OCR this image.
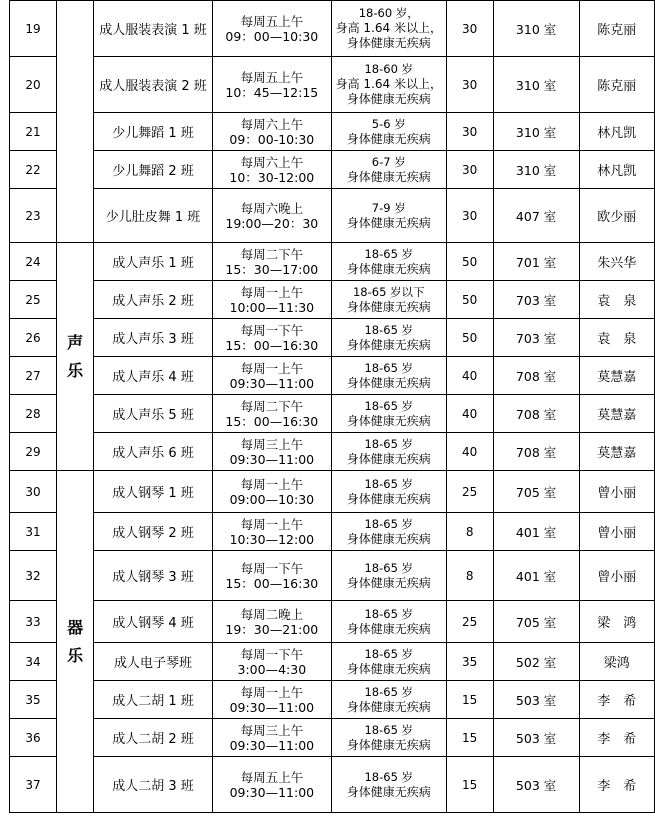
19		成人服装表演 1 班	每周五上午
09：00—10:30	18-60 岁，
身高 1.64 米以上，
身体健康无疾病	30	310 室	陈克丽
20		成人服装表演 2 班	每周五上午
10：45—12:15	18-60 岁
身高 1.64 米以上，
身体健康无疾病	30	310 室	陈克丽
21		少儿舞蹈 1 班	每周六上午
09：00-10:30	5-6 岁
身体健康无疾病	30	310 室	林凡凯
22		少儿舞蹈 2 班	每周六上午
10：30-12:00	6-7 岁
身体健康无疾病	30	310 室	林凡凯
23		少儿肚皮舞 1 班	每周六晚上
19:00—20：30	7-9 岁
身体健康无疾病	30	407 室	欧少丽
24	声
乐	成人声乐 1 班	每周二下午
15：30—17:00	18-65 岁
身体健康无疾病	50	701 室	朱兴华
25		成人声乐 2 班	每周一上午
10:00—11:30	18-65 岁以下
身体健康无疾病	50	703 室	袁　泉
26		成人声乐 3 班	每周一下午
15：00—16:30	18-65 岁
身体健康无疾病	50	703 室	袁　泉
27		成人声乐 4 班	每周一上午
09:30—11:00	18-65 岁
身体健康无疾病	40	708 室	莫慧嘉
28		成人声乐 5 班	每周二下午
15：00—16:30	18-65 岁
身体健康无疾病	40	708 室	莫慧嘉
29		成人声乐 6 班	每周三上午
09:30—11:00	18-65 岁
身体健康无疾病	40	708 室	莫慧嘉
30	器
乐	成人钢琴 1 班	每周一上午
09:00—10:30	18-65 岁
身体健康无疾病	25	705 室	曾小丽
31		成人钢琴 2 班	每周一上午
10:30—12:00	18-65 岁
身体健康无疾病	8	401 室	曾小丽
32		成人钢琴 3 班	每周一下午
15：00—16:30	18-65 岁
身体健康无疾病	8	401 室	曾小丽
33		成人钢琴 4 班	每周二晚上
19：30—21:00	18-65 岁
身体健康无疾病	25	705 室	梁　鸿
34		成人电子琴班	每周一下午
3:00—4:30	18-65 岁
身体健康无疾病	35	502 室	梁鸿
35		成人二胡 1 班	每周一上午
09:30—11:00	18-65 岁
身体健康无疾病	15	503 室	李　希
36		成人二胡 2 班	每周三上午
09:30—11:00	18-65 岁
身体健康无疾病	15	503 室	李　希
37		成人二胡 3 班	每周五上午
09:30—11:00	18-65 岁
身体健康无疾病	15	503 室	李　希
